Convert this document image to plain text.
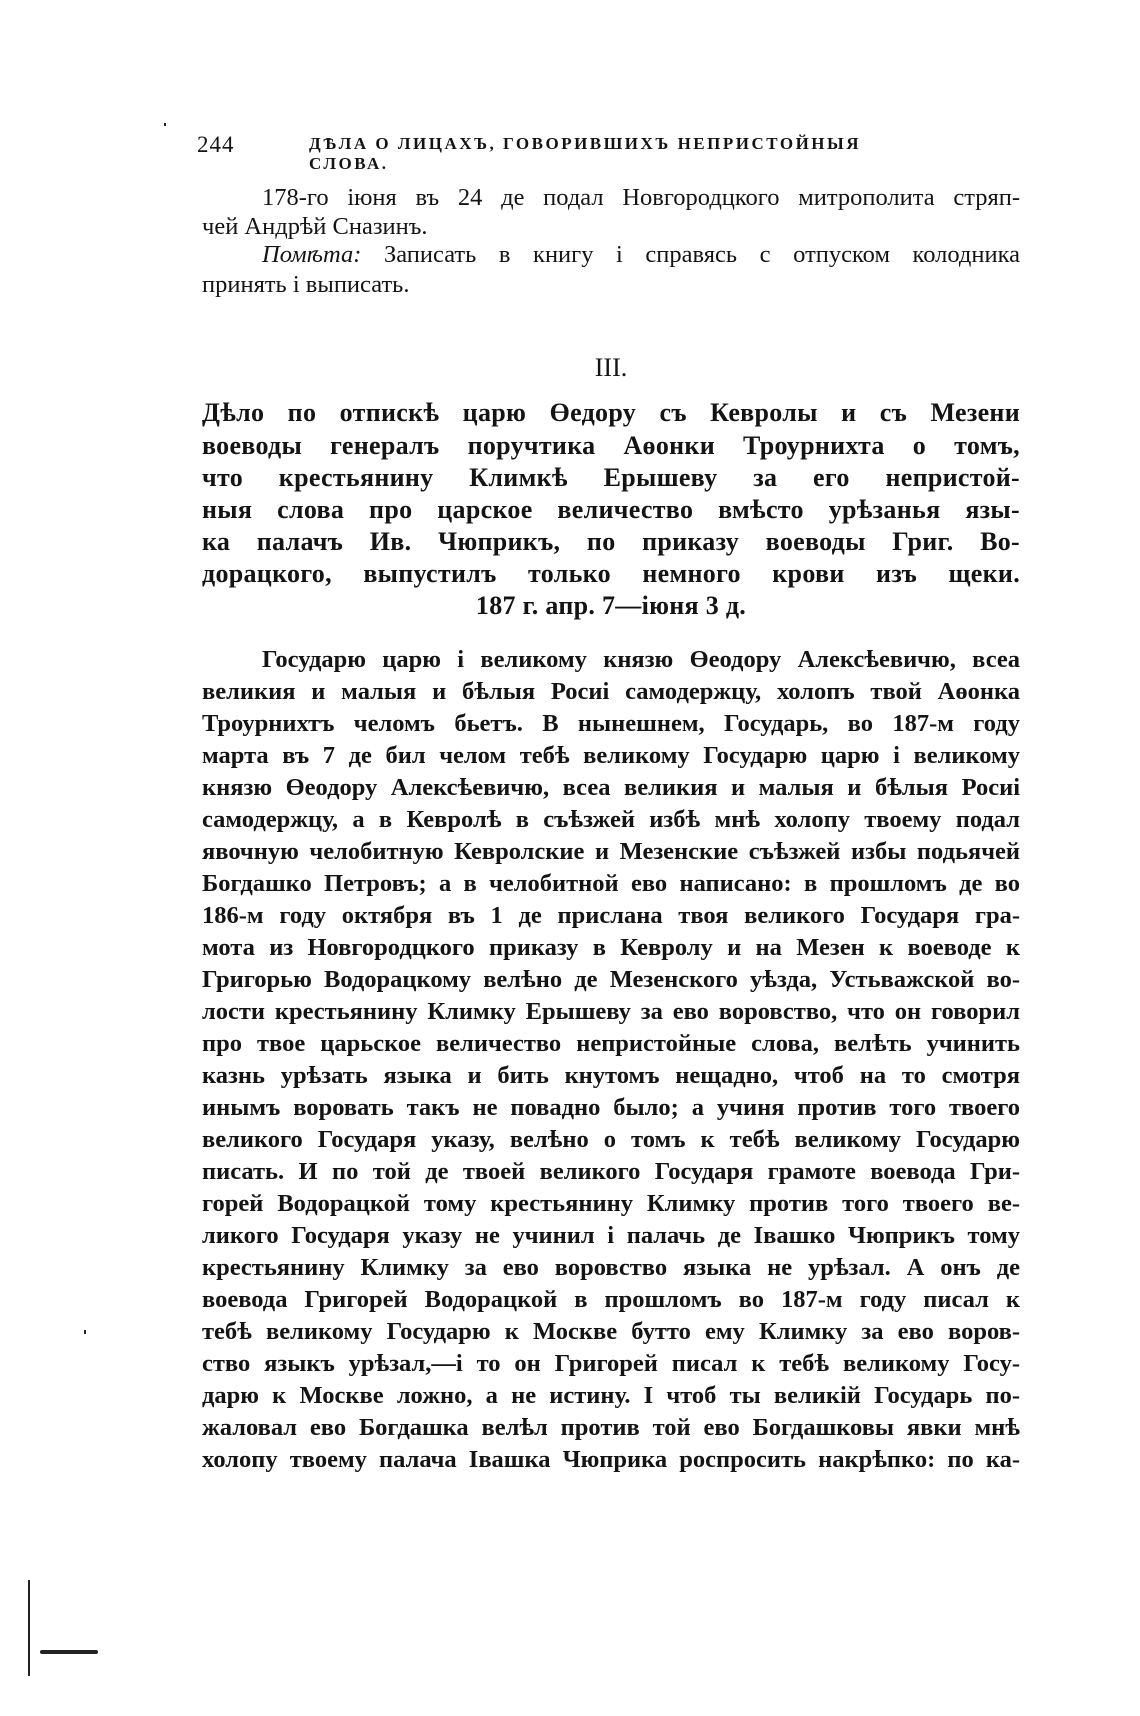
244	ДѢЛА О ЛИЦАХЪ, ГОВОРИВШИХЪ НЕПРИСТОЙНЫЯ СЛОВА.
178-го іюня въ 24 де подал Новгородцкого митрополита стряп-
чей Андрѣй Сназинъ.
Помѣта: Записать в книгу і справясь с отпуском колодника
принять і выписать.
III.
Дѣло по отпискѣ царю Өедору съ Кевролы и съ Мезени
воеводы генералъ поручтика Аөонки Троурнихта о томъ,
что крестьянину Климкѣ Ерышеву за его непристой-
ныя слова про царское величество вмѣсто урѣзанья язы-
ка палачъ Ив. Чюприкъ, по приказу воеводы Григ. Во-
дорацкого, выпустилъ только немного крови изъ щеки.
187 г. апр. 7—іюня 3 д.
Государю царю і великому князю Өеодору Алексѣевичю, всеа
великия и малыя и бѣлыя Росиі самодержцу, холопъ твой Аөонка
Троурнихтъ челомъ бьетъ. В нынешнем, Государь, во 187-м году
марта въ 7 де бил челом тебѣ великому Государю царю і великому
князю Өеодору Алексѣевичю, всеа великия и малыя и бѣлыя Росиі
самодержцу, а в Кевролѣ в съѣзжей избѣ мнѣ холопу твоему подал
явочную челобитную Кевролские и Мезенские съѣзжей избы подьячей
Богдашко Петровъ; а в челобитной ево написано: в прошломъ де во
186-м году октября въ 1 де прислана твоя великого Государя гра-
мота из Новгородцкого приказу в Кевролу и на Мезен к воеводе к
Григорью Водорацкому велѣно де Мезенского уѣзда, Устьважской во-
лости крестьянину Климку Ерышеву за ево воровство, что он говорил
про твое царьское величество непристойные слова, велѣть учинить
казнь урѣзать языка и бить кнутомъ нещадно, чтоб на то смотря
инымъ воровать такъ не повадно было; а учиня против того твоего
великого Государя указу, велѣно о томъ к тебѣ великому Государю
писать. И по той де твоей великого Государя грамоте воевода Гри-
горей Водорацкой тому крестьянину Климку против того твоего ве-
ликого Государя указу не учинил і палачь де Івашко Чюприкъ тому
крестьянину Климку за ево воровство языка не урѣзал. А онъ де
воевода Григорей Водорацкой в прошломъ во 187-м году писал к
тебѣ великому Государю к Москве бутто ему Климку за ево воров-
ство языкъ урѣзал,—і то он Григорей писал к тебѣ великому Госу-
дарю к Москве ложно, а не истину. І чтоб ты великій Государь по-
жаловал ево Богдашка велѣл против той ево Богдашковы явки мнѣ
холопу твоему палача Івашка Чюприка роспросить накрѣпко: по ка-
